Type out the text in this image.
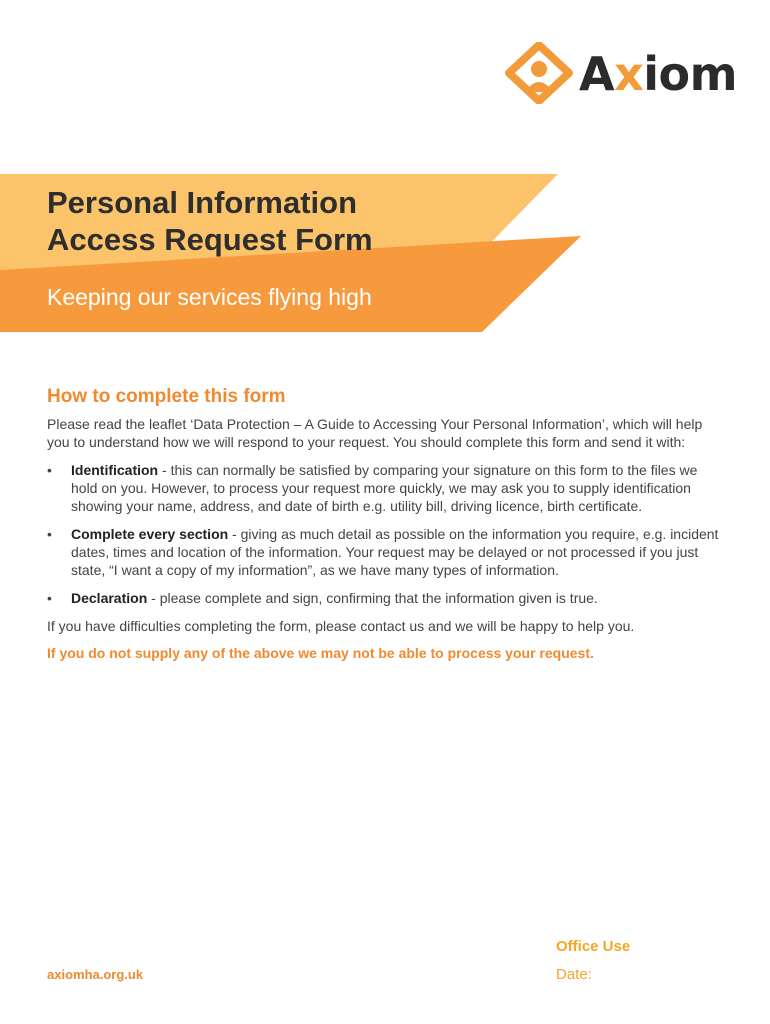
Axiom
Personal Information
Access Request Form

Keeping our services flying high

How to complete this form

Please read the leaflet ‘Data Protection – A Guide to Accessing Your Personal Information’, which will help you to understand how we will respond to your request. You should complete this form and send it with:

• Identification - this can normally be satisfied by comparing your signature on this form to the files we hold on you. However, to process your request more quickly, we may ask you to supply identification showing your name, address, and date of birth e.g. utility bill, driving licence, birth certificate.
• Complete every section - giving as much detail as possible on the information you require, e.g. incident dates, times and location of the information. Your request may be delayed or not processed if you just state, “I want a copy of my information”, as we have many types of information.
• Declaration - please complete and sign, confirming that the information given is true.

If you have difficulties completing the form, please contact us and we will be happy to help you.

If you do not supply any of the above we may not be able to process your request.

axiomha.org.uk
Office Use
Date:
